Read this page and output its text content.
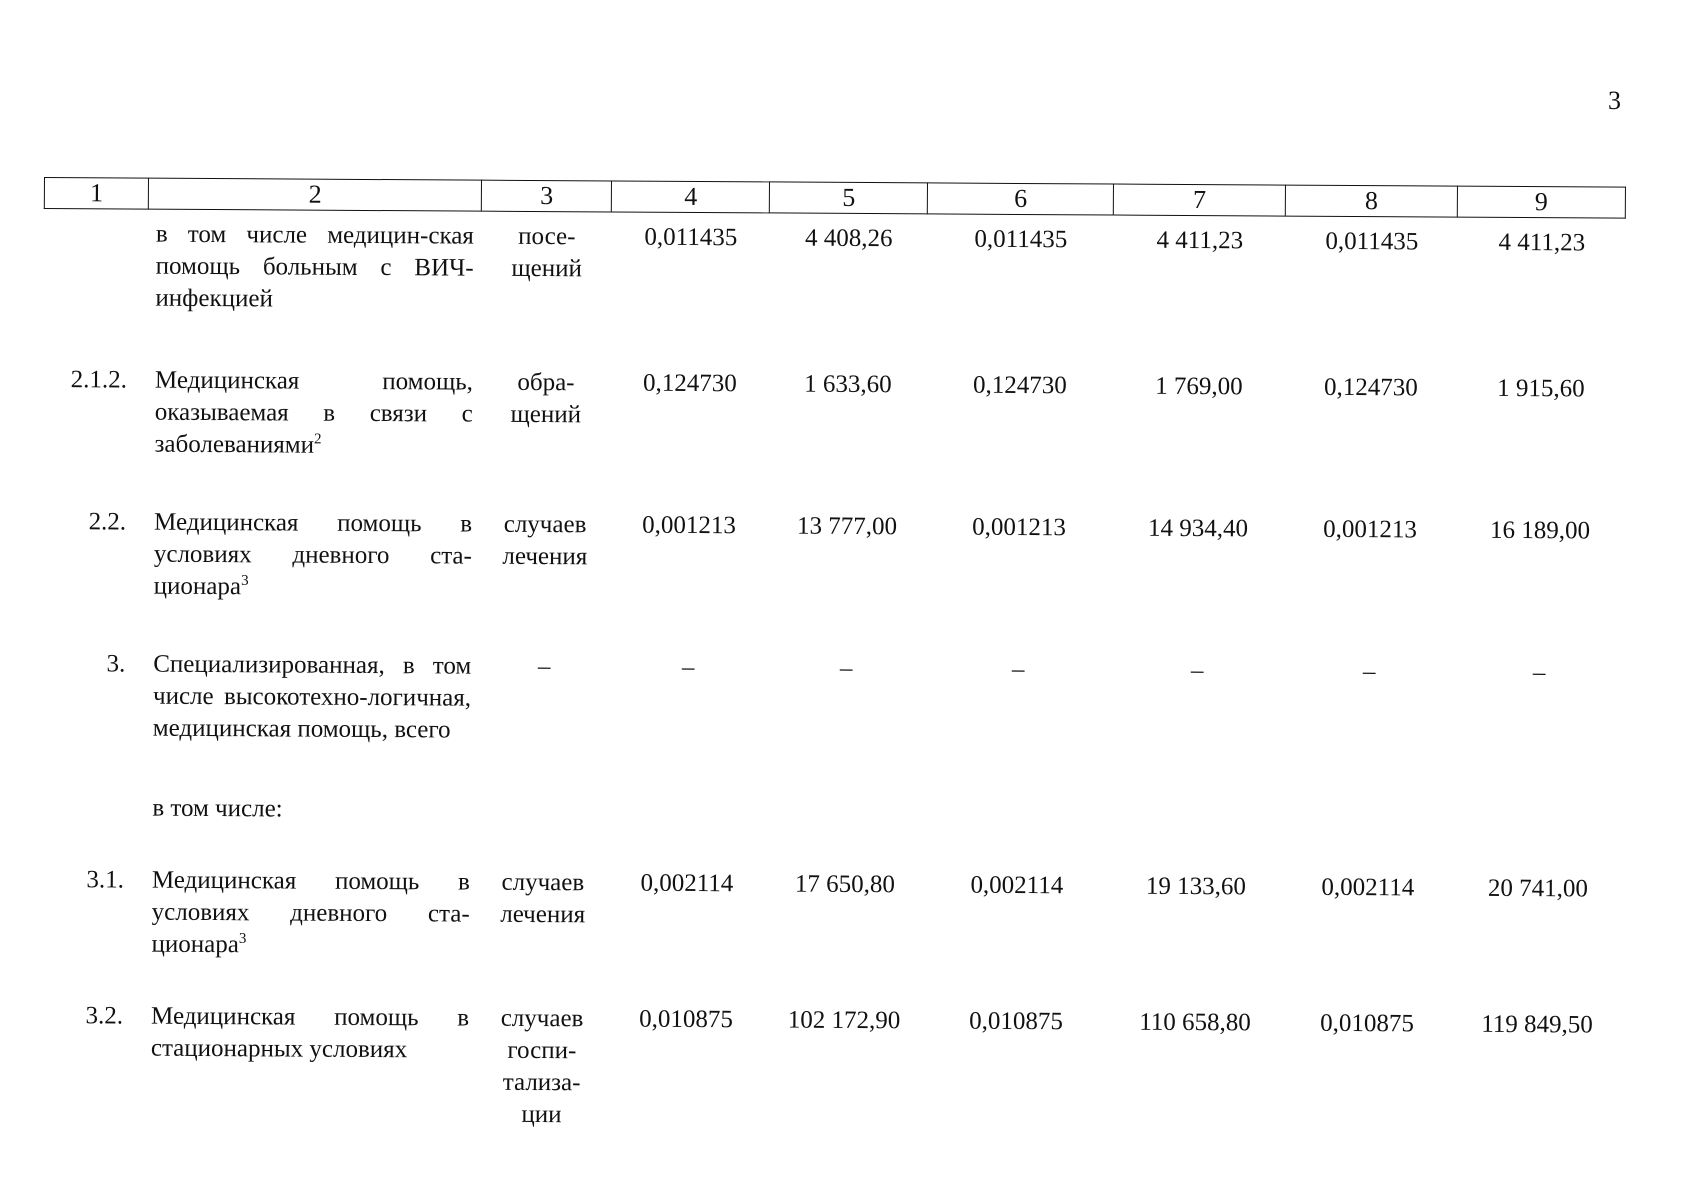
3
1	2	3	4	5	6	7	8	9
	в том числе медицин-ская помощь больным с ВИЧ-инфекцией	посе-щений	0,011435	4 408,26	0,011435	4 411,23	0,011435	4 411,23

2.1.2.	Медицинская помощь, оказываемая в связи с заболеваниями$^2$	обра-щений	0,124730	1 633,60	0,124730	1 769,00	0,124730	1 915,60

2.2.	Медицинская помощь в условиях дневного ста-ционара$^3$	случаев лечения	0,001213	13 777,00	0,001213	14 934,40	0,001213	16 189,00

3.	Специализированная, в том числе высокотехно-логичная, медицинская помощь, всего	–	–	–	–	–	–	–

	в том числе:							

3.1.	Медицинская помощь в условиях дневного ста-ционара$^3$	случаев лечения	0,002114	17 650,80	0,002114	19 133,60	0,002114	20 741,00

3.2.	Медицинская помощь в стационарных условиях	случаев госпи-тализа-ции	0,010875	102 172,90	0,010875	110 658,80	0,010875	119 849,50
